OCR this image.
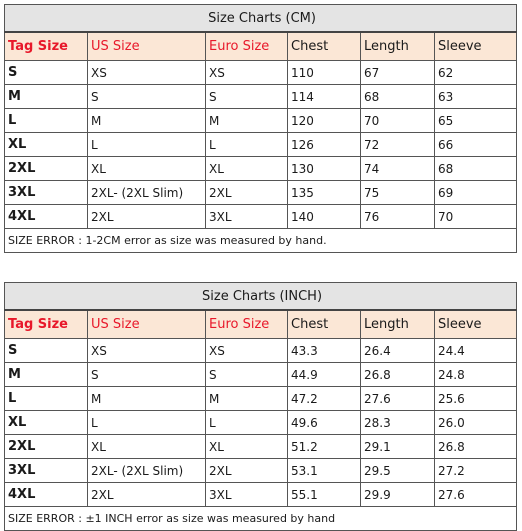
Size Charts (CM)					
Tag Size	US Size	Euro Size	Chest	Length	Sleeve
S	XS	XS	110	67	62
M	S	S	114	68	63
L	M	M	120	70	65
XL	L	L	126	72	66
2XL	XL	XL	130	74	68
3XL	2XL- (2XL Slim)	2XL	135	75	69
4XL	2XL	3XL	140	76	70
SIZE ERROR : 1-2CM error as size was measured by hand.					
Size Charts (INCH)					
Tag Size	US Size	Euro Size	Chest	Length	Sleeve
S	XS	XS	43.3	26.4	24.4
M	S	S	44.9	26.8	24.8
L	M	M	47.2	27.6	25.6
XL	L	L	49.6	28.3	26.0
2XL	XL	XL	51.2	29.1	26.8
3XL	2XL- (2XL Slim)	2XL	53.1	29.5	27.2
4XL	2XL	3XL	55.1	29.9	27.6
SIZE ERROR : ±1 INCH error as size was measured by hand					
